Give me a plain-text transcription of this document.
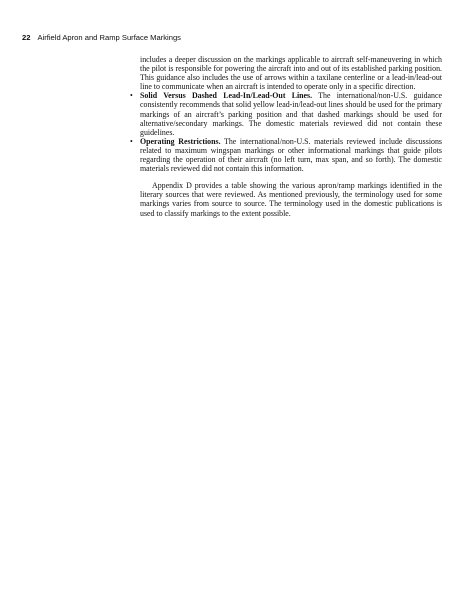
22 Airfield Apron and Ramp Surface Markings

includes a deeper discussion on the markings applicable to aircraft self-maneuvering in which the pilot is responsible for powering the aircraft into and out of its established parking position. This guidance also includes the use of arrows within a taxilane centerline or a lead-in/lead-out line to communicate when an aircraft is intended to operate only in a specific direction.

• Solid Versus Dashed Lead-In/Lead-Out Lines. The international/non-U.S. guidance consistently recommends that solid yellow lead-in/lead-out lines should be used for the primary markings of an aircraft’s parking position and that dashed markings should be used for alternative/secondary markings. The domestic materials reviewed did not contain these guidelines.

• Operating Restrictions. The international/non-U.S. materials reviewed include discussions related to maximum wingspan markings or other informational markings that guide pilots regarding the operation of their aircraft (no left turn, max span, and so forth). The domestic materials reviewed did not contain this information.

Appendix D provides a table showing the various apron/ramp markings identified in the literary sources that were reviewed. As mentioned previously, the terminology used for some markings varies from source to source. The terminology used in the domestic publications is used to classify markings to the extent possible.
